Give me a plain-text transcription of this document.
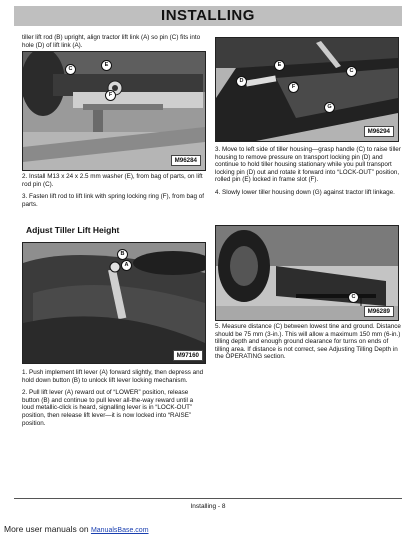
INSTALLING

tiller lift rod (B) upright, align tractor lift link (A) so pin (C) fits into hole (D) of lift link (A).

C
E
F
M96284

2. Install M13 x 24 x 2.5 mm washer (E), from bag of parts, on lift rod pin (C).

3. Fasten lift rod to lift link with spring locking ring (F), from bag of parts.

Adjust Tiller Lift Height
B
A
M97160

1. Push implement lift lever (A) forward slightly, then depress and hold down button (B) to unlock lift lever locking mechanism.

2. Pull lift lever (A) reward out of “LOWER” position, release button (B) and continue to pull lever all-the-way reward until a loud metallic-click is heard, signalling lever is in “LOCK-OUT” position, then release lift lever—it is now locked into “RAISE” position.

E
C
D
F
G
M96294

3. Move to left side of tiller housing—grasp handle (C) to raise tiller housing to remove pressure on transport locking pin (D) and continue to hold tiller housing stationary while you pull transport locking pin (D) out and rotate it forward into “LOCK-OUT” position, rolled pin (E) locked in frame slot (F).

4. Slowly lower tiller housing down (G) against tractor lift linkage.

C
M96289

5. Measure distance (C) between lowest tine and ground. Distance should be 75 mm (3-in.). This will allow a maximum 150 mm (6-in.) tilling depth and enough ground clearance for turns on ends of tilling area. If distance is not correct, see Adjusting Tilling Depth in the OPERATING section.

Installing - 8
More user manuals on ManualsBase.com
